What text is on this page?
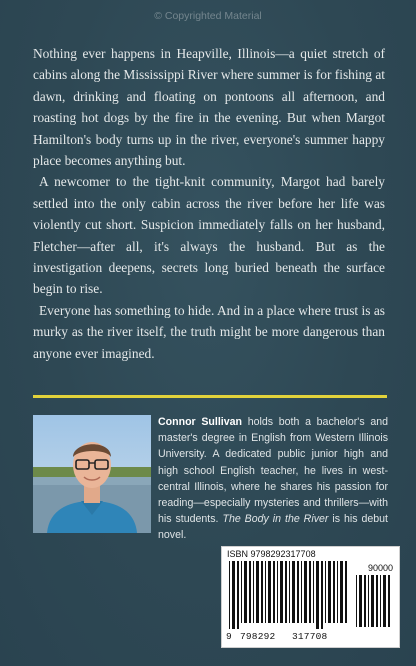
© Copyrighted Material

Nothing ever happens in Heapville, Illinois—a quiet stretch of cabins along the Mississippi River where summer is for fishing at dawn, drinking and floating on pontoons all afternoon, and roasting hot dogs by the fire in the evening. But when Margot Hamilton's body turns up in the river, everyone's summer happy place becomes anything but.

A newcomer to the tight-knit community, Margot had barely settled into the only cabin across the river before her life was violently cut short. Suspicion immediately falls on her husband, Fletcher—after all, it's always the husband. But as the investigation deepens, secrets long buried beneath the surface begin to rise.

Everyone has something to hide. And in a place where trust is as murky as the river itself, the truth might be more dangerous than anyone ever imagined.

Connor Sullivan holds both a bachelor's and master's degree in English from Western Illinois University. A dedicated public junior high and high school English teacher, he lives in west-central Illinois, where he shares his passion for reading—especially mysteries and thrillers—with his students. The Body in the River is his debut novel.
ISBN 9798292317708
90000
9 798292 317708
